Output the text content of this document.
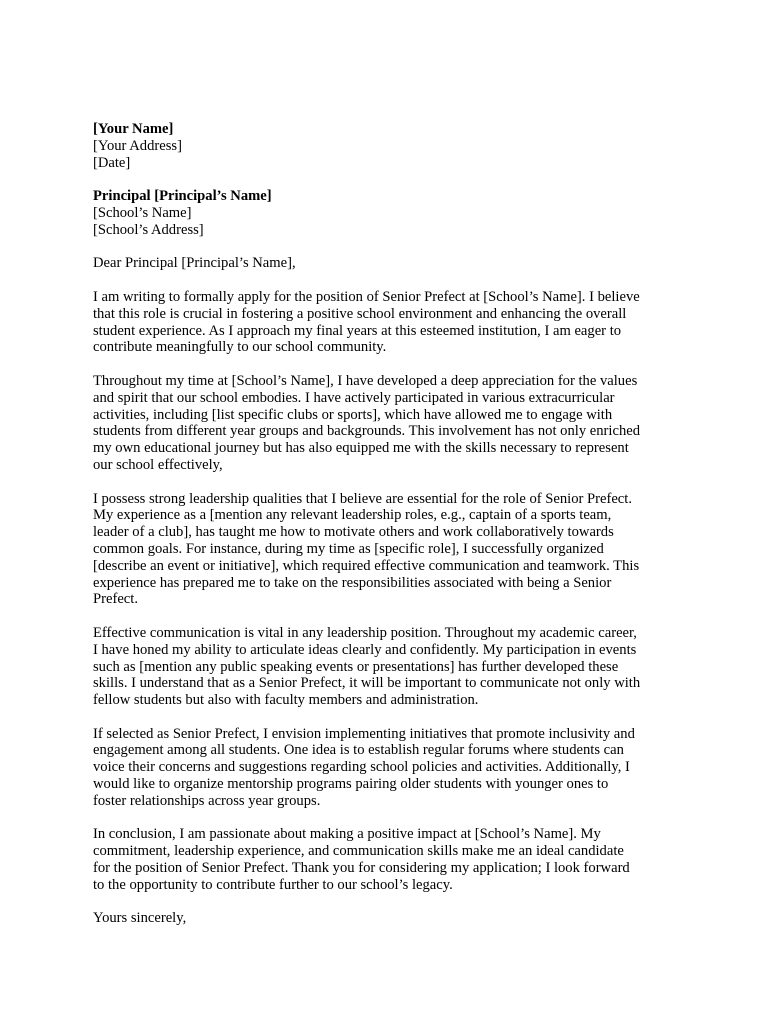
[Your Name]
[Your Address]
[Date]
Principal [Principal’s Name]
[School’s Name]
[School’s Address]
Dear Principal [Principal’s Name],
I am writing to formally apply for the position of Senior Prefect at [School’s Name]. I believe
that this role is crucial in fostering a positive school environment and enhancing the overall
student experience. As I approach my final years at this esteemed institution, I am eager to
contribute meaningfully to our school community.
Throughout my time at [School’s Name], I have developed a deep appreciation for the values
and spirit that our school embodies. I have actively participated in various extracurricular
activities, including [list specific clubs or sports], which have allowed me to engage with
students from different year groups and backgrounds. This involvement has not only enriched
my own educational journey but has also equipped me with the skills necessary to represent
our school effectively,
I possess strong leadership qualities that I believe are essential for the role of Senior Prefect.
My experience as a [mention any relevant leadership roles, e.g., captain of a sports team,
leader of a club], has taught me how to motivate others and work collaboratively towards
common goals. For instance, during my time as [specific role], I successfully organized
[describe an event or initiative], which required effective communication and teamwork. This
experience has prepared me to take on the responsibilities associated with being a Senior
Prefect.
Effective communication is vital in any leadership position. Throughout my academic career,
I have honed my ability to articulate ideas clearly and confidently. My participation in events
such as [mention any public speaking events or presentations] has further developed these
skills. I understand that as a Senior Prefect, it will be important to communicate not only with
fellow students but also with faculty members and administration.
If selected as Senior Prefect, I envision implementing initiatives that promote inclusivity and
engagement among all students. One idea is to establish regular forums where students can
voice their concerns and suggestions regarding school policies and activities. Additionally, I
would like to organize mentorship programs pairing older students with younger ones to
foster relationships across year groups.
In conclusion, I am passionate about making a positive impact at [School’s Name]. My
commitment, leadership experience, and communication skills make me an ideal candidate
for the position of Senior Prefect. Thank you for considering my application; I look forward
to the opportunity to contribute further to our school’s legacy.
Yours sincerely,
